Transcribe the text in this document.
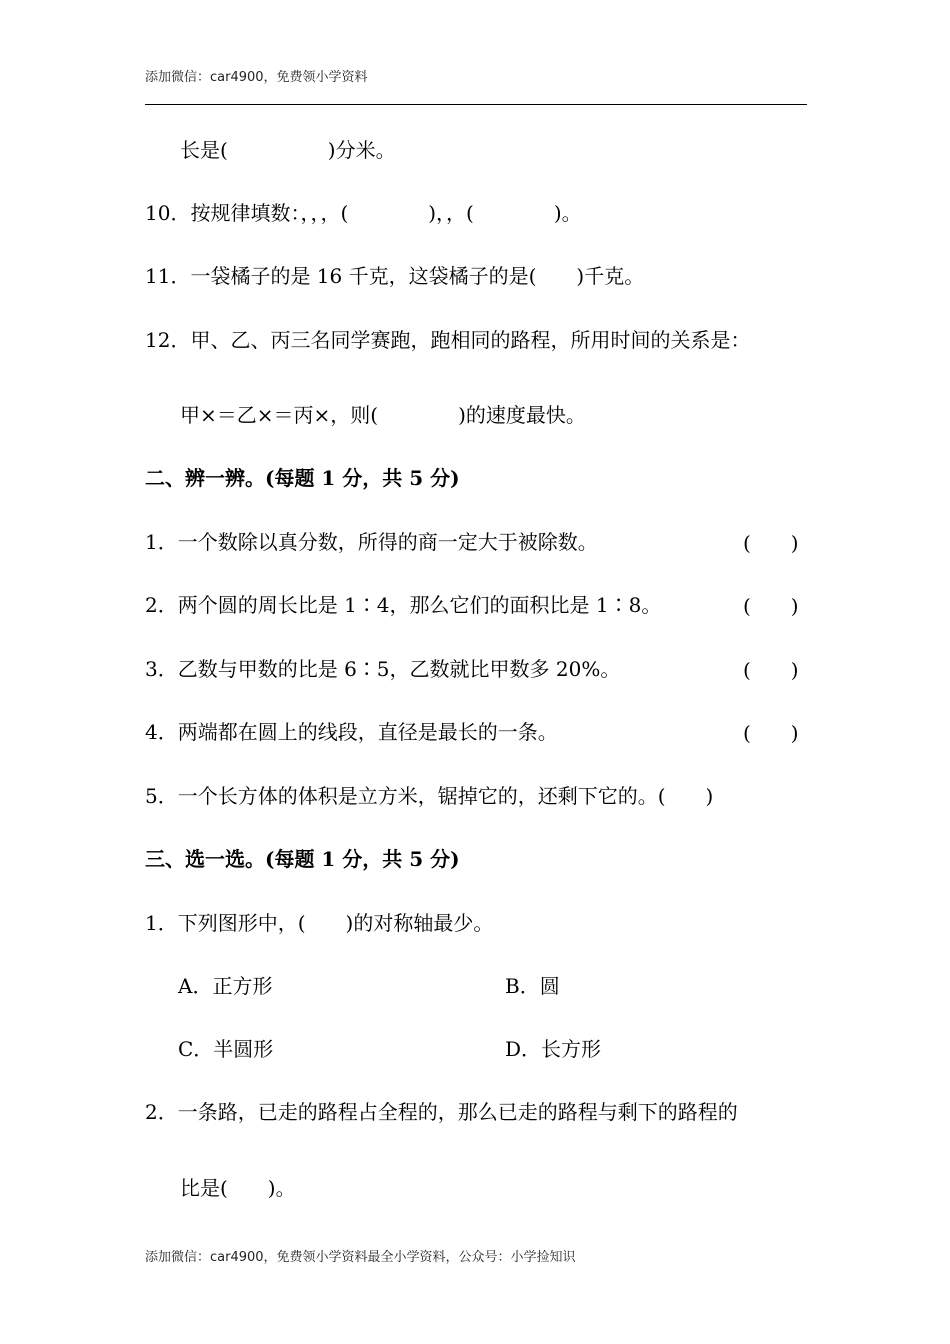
添加微信：car4900，免费领小学资料
长是(　　　　　)分米。
10．按规律填数：，，，(　　　　)，，(　　　　)。
11．一袋橘子的是 16 千克，这袋橘子的是(　　)千克。
12．甲、乙、丙三名同学赛跑，跑相同的路程，所用时间的关系是：
甲×＝乙×＝丙×，则(　　　　)的速度最快。
二、辨一辨。(每题 1 分，共 5 分)
1．一个数除以真分数，所得的商一定大于被除数。	(　　)
2．两个圆的周长比是 1∶4，那么它们的面积比是 1∶8。	(　　)
3．乙数与甲数的比是 6∶5，乙数就比甲数多 20%。	(　　)
4．两端都在圆上的线段，直径是最长的一条。	(　　)
5．一个长方体的体积是立方米，锯掉它的，还剩下它的。(　　)
三、选一选。(每题 1 分，共 5 分)
1．下列图形中，(　　)的对称轴最少。
A．正方形	B．圆
C．半圆形	D．长方形
2．一条路，已走的路程占全程的，那么已走的路程与剩下的路程的
比是(　　)。
添加微信：car4900，免费领小学资料最全小学资料，公众号：小学捡知识
